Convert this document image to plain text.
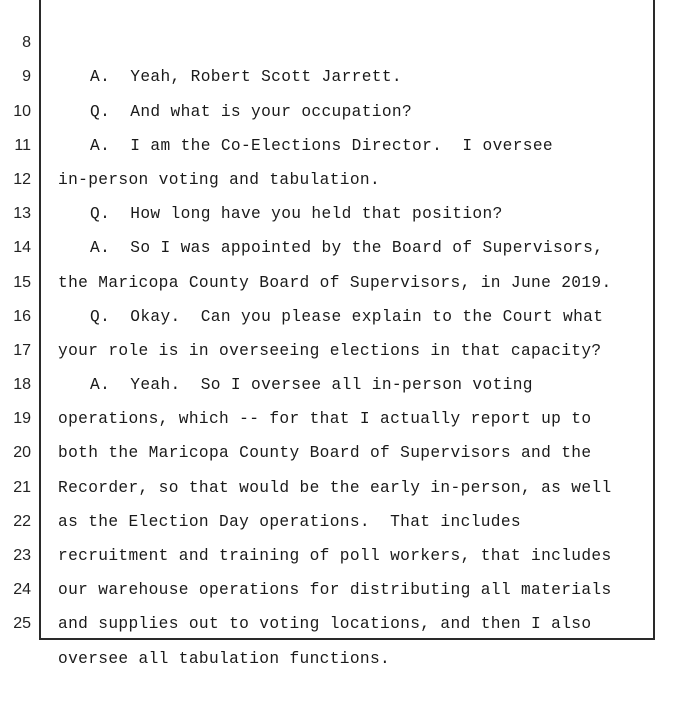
8

A.  Yeah, Robert Scott Jarrett.

9

Q.  And what is your occupation?

10

A.  I am the Co-Elections Director.  I oversee

11

in-person voting and tabulation.

12

Q.  How long have you held that position?

13

A.  So I was appointed by the Board of Supervisors,

14

the Maricopa County Board of Supervisors, in June 2019.

15

Q.  Okay.  Can you please explain to the Court what

16

your role is in overseeing elections in that capacity?

17

A.  Yeah.  So I oversee all in-person voting

18

operations, which -- for that I actually report up to

19

both the Maricopa County Board of Supervisors and the

20

Recorder, so that would be the early in-person, as well

21

as the Election Day operations.  That includes

22

recruitment and training of poll workers, that includes

23

our warehouse operations for distributing all materials

24

and supplies out to voting locations, and then I also

25

oversee all tabulation functions.
